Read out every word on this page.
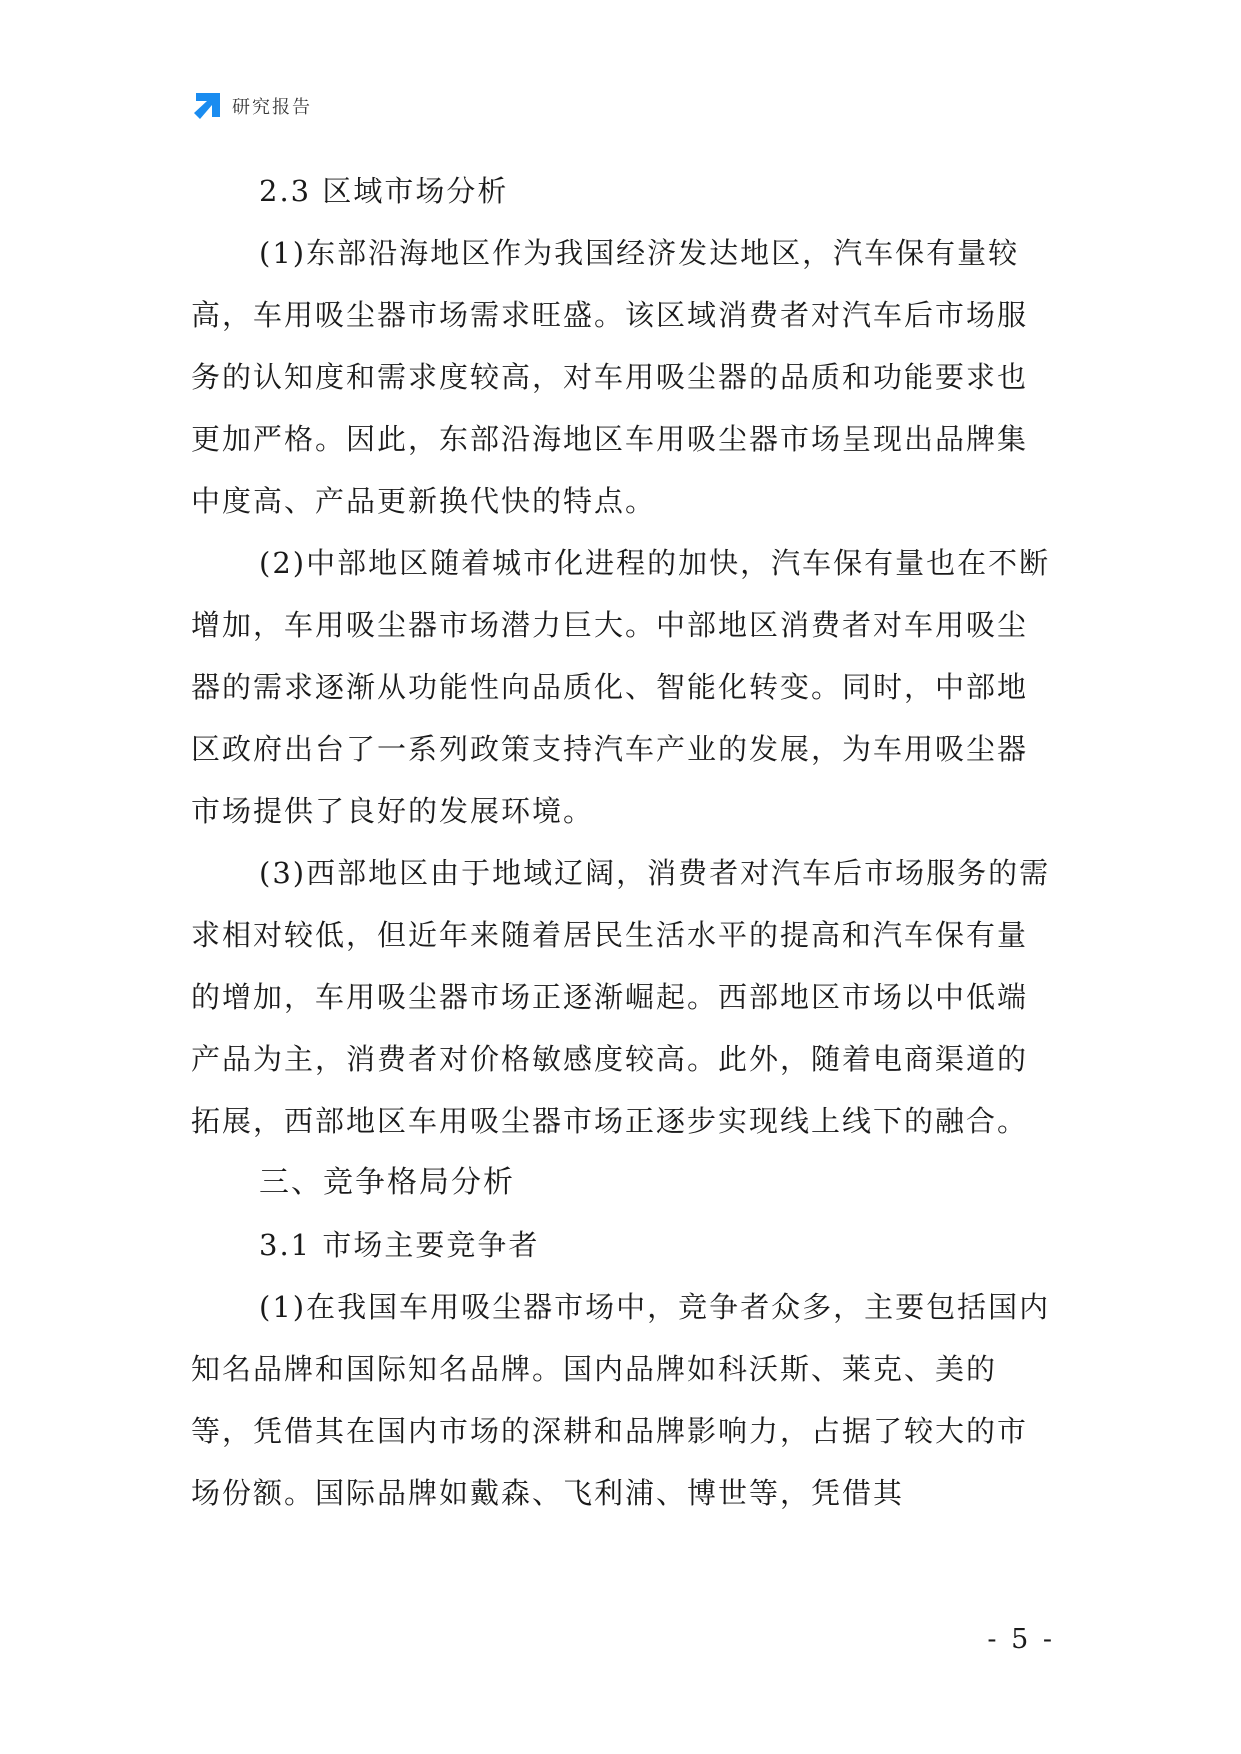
研究报告

2.3 区域市场分析

(1)东部沿海地区作为我国经济发达地区，汽车保有量较高，车用吸尘器市场需求旺盛。该区域消费者对汽车后市场服务的认知度和需求度较高，对车用吸尘器的品质和功能要求也更加严格。因此，东部沿海地区车用吸尘器市场呈现出品牌集中度高、产品更新换代快的特点。

(2)中部地区随着城市化进程的加快，汽车保有量也在不断增加，车用吸尘器市场潜力巨大。中部地区消费者对车用吸尘器的需求逐渐从功能性向品质化、智能化转变。同时，中部地区政府出台了一系列政策支持汽车产业的发展，为车用吸尘器市场提供了良好的发展环境。

(3)西部地区由于地域辽阔，消费者对汽车后市场服务的需求相对较低，但近年来随着居民生活水平的提高和汽车保有量的增加，车用吸尘器市场正逐渐崛起。西部地区市场以中低端产品为主，消费者对价格敏感度较高。此外，随着电商渠道的拓展，西部地区车用吸尘器市场正逐步实现线上线下的融合。

三、竞争格局分析

3.1 市场主要竞争者

(1)在我国车用吸尘器市场中，竞争者众多，主要包括国内知名品牌和国际知名品牌。国内品牌如科沃斯、莱克、美的等，凭借其在国内市场的深耕和品牌影响力，占据了较大的市场份额。国际品牌如戴森、飞利浦、博世等，凭借其

- 5 -
